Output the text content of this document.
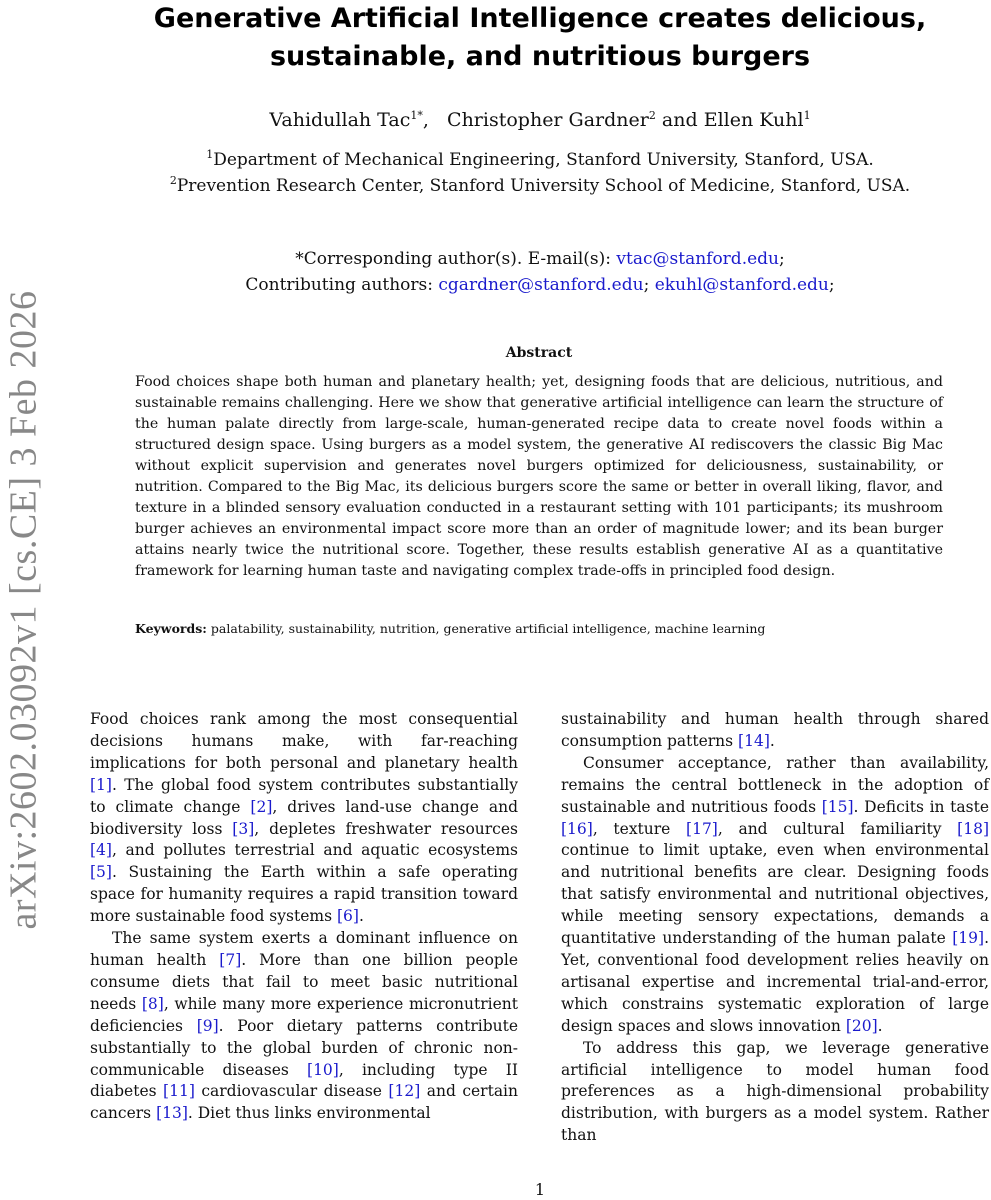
arXiv:2602.03092v1 [cs.CE] 3 Feb 2026
Generative Artificial Intelligence creates delicious,
sustainable, and nutritious burgers
Vahidullah Tac$^{1*}$, Christopher Gardner$^2$ and Ellen Kuhl$^1$
$^1$Department of Mechanical Engineering, Stanford University, Stanford, USA.
$^2$Prevention Research Center, Stanford University School of Medicine, Stanford, USA.
*Corresponding author(s). E-mail(s): vtac@stanford.edu;
Contributing authors: cgardner@stanford.edu; ekuhl@stanford.edu;
Abstract
Food choices shape both human and planetary health; yet, designing foods that are delicious, nutritious, and sustainable remains challenging. Here we show that generative artificial intelligence can learn the structure of the human palate directly from large-scale, human-generated recipe data to create novel foods within a structured design space. Using burgers as a model system, the generative AI rediscovers the classic Big Mac without explicit supervision and generates novel burgers optimized for deliciousness, sustainability, or nutrition. Compared to the Big Mac, its delicious burgers score the same or better in overall liking, flavor, and texture in a blinded sensory evaluation conducted in a restaurant setting with 101 participants; its mushroom burger achieves an environmental impact score more than an order of magnitude lower; and its bean burger attains nearly twice the nutritional score. Together, these results establish generative AI as a quantitative framework for learning human taste and navigating complex trade-offs in principled food design.
Keywords: palatability, sustainability, nutrition, generative artificial intelligence, machine learning

Food choices rank among the most consequential decisions humans make, with far-reaching implications for both personal and planetary health [1]. The global food system contributes substantially to climate change [2], drives land-use change and biodiversity loss [3], depletes freshwater resources [4], and pollutes terrestrial and aquatic ecosystems [5]. Sustaining the Earth within a safe operating space for humanity requires a rapid transition toward more sustainable food systems [6].

The same system exerts a dominant influence on human health [7]. More than one billion people consume diets that fail to meet basic nutritional needs [8], while many more experience micronutrient deficiencies [9]. Poor dietary patterns contribute substantially to the global burden of chronic non-communicable diseases [10], including type II diabetes [11] cardiovascular disease [12] and certain cancers [13]. Diet thus links environmental

sustainability and human health through shared consumption patterns [14].

Consumer acceptance, rather than availability, remains the central bottleneck in the adoption of sustainable and nutritious foods [15]. Deficits in taste [16], texture [17], and cultural familiarity [18] continue to limit uptake, even when environmental and nutritional benefits are clear. Designing foods that satisfy environmental and nutritional objectives, while meeting sensory expectations, demands a quantitative understanding of the human palate [19]. Yet, conventional food development relies heavily on artisanal expertise and incremental trial-and-error, which constrains systematic exploration of large design spaces and slows innovation [20].

To address this gap, we leverage generative artificial intelligence to model human food preferences as a high-dimensional probability distribution, with burgers as a model system. Rather than

1
